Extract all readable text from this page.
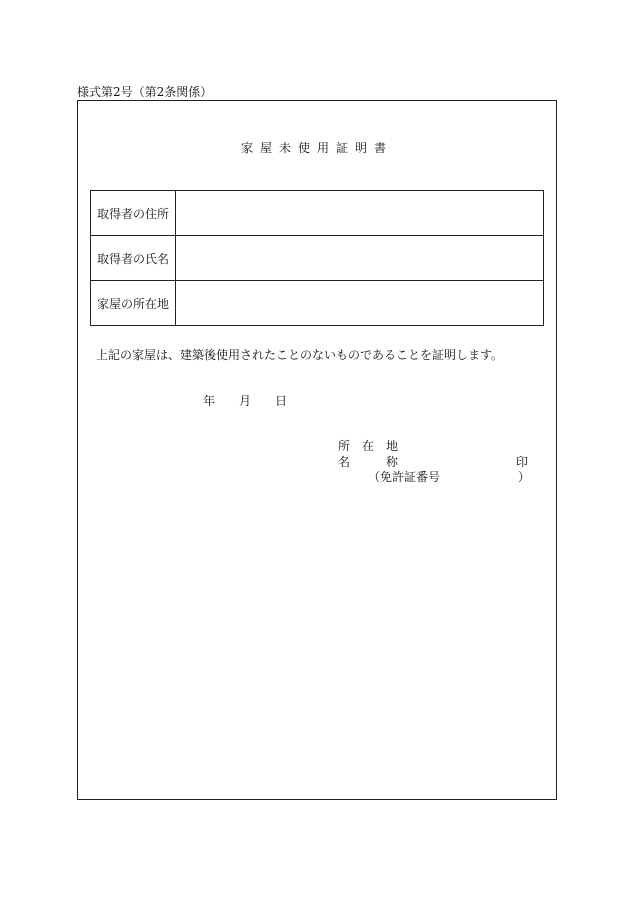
様式第2号（第2条関係）
家屋未使用証明書
取得者の住所	
取得者の氏名	
家屋の所在地	
上記の家屋は、建築後使用されたことのないものであることを証明します。
年 月 日
所　在　地
名　　　称	印
（免許証番号	）
